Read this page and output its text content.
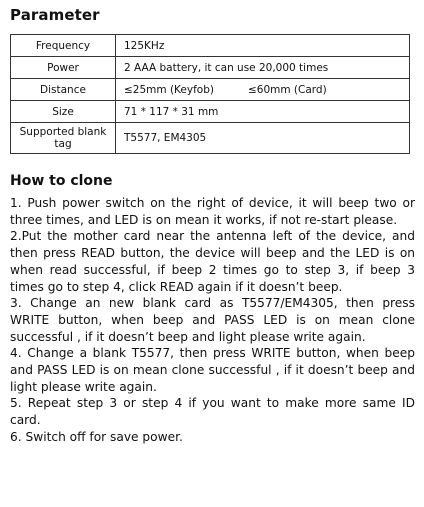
Parameter
Frequency	125KHz
Power	2 AAA battery, it can use 20,000 times
Distance	≤25mm (Keyfob) ≤60mm (Card)
Size	71 * 117 * 31 mm
Supported blank tag	T5577, EM4305
How to clone

1. Push power switch on the right of device, it will beep two or three times, and LED is on mean it works, if not re-start please.

2.Put the mother card near the antenna left of the device, and then press READ button, the device will beep and the LED is on when read successful, if beep 2 times go to step 3, if beep 3 times go to step 4, click READ again if it doesn’t beep.

3. Change an new blank card as T5577/EM4305, then press WRITE button, when beep and PASS LED is on mean clone successful , if it doesn’t beep and light please write again.

4. Change a blank T5577, then press WRITE button, when beep and PASS LED is on mean clone successful , if it doesn’t beep and light please write again.

5. Repeat step 3 or step 4 if you want to make more same ID card.

6. Switch off for save power.
